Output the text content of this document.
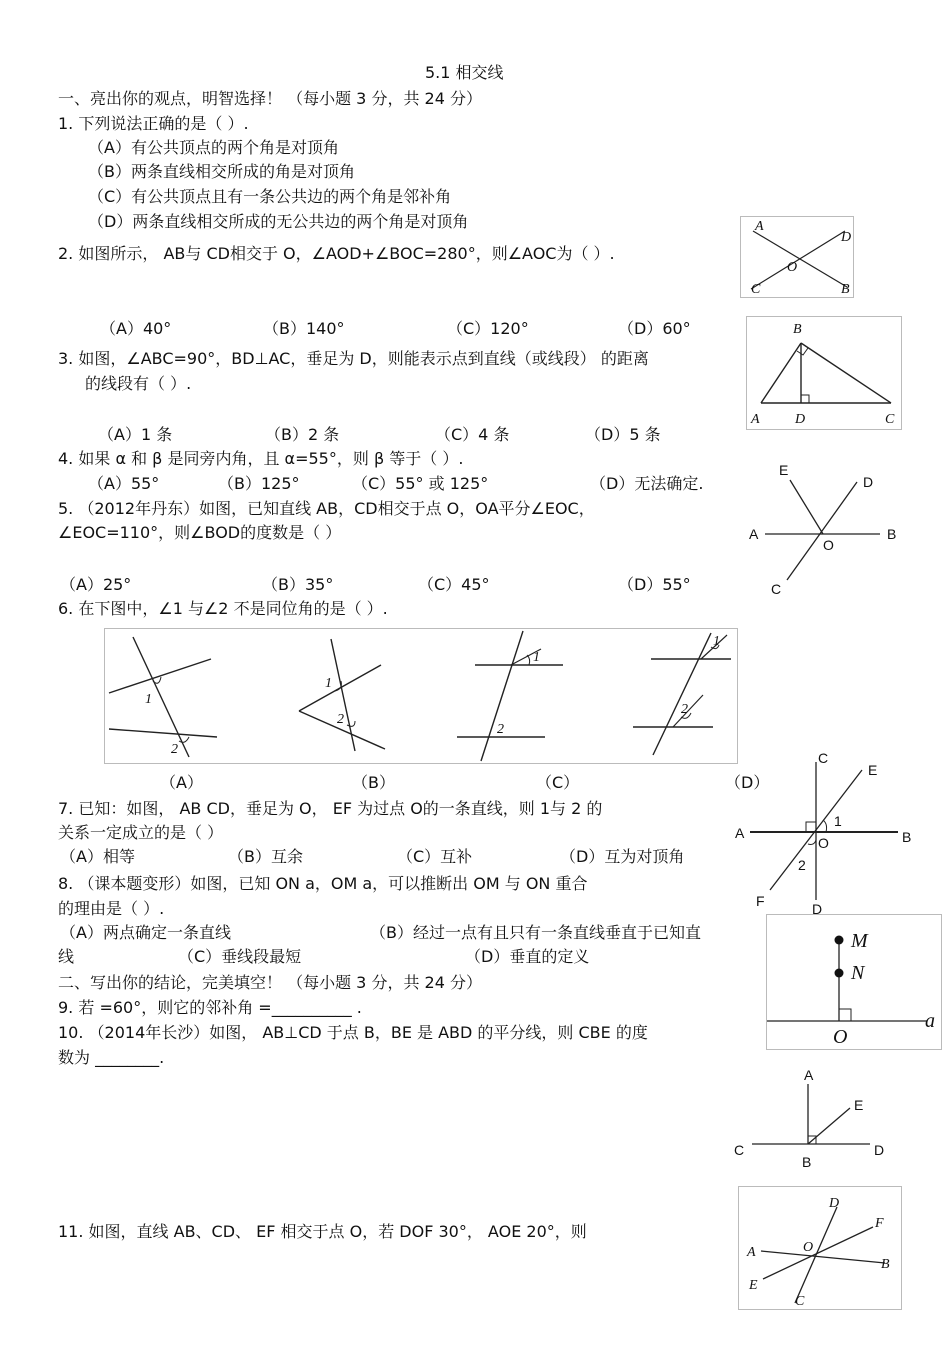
5.1 相交线
一、亮出你的观点，明智选择！ （每小题 3 分，共 24 分）
1. 下列说法正确的是（ ）.
（A）有公共顶点的两个角是对顶角
（B）两条直线相交所成的角是对顶角
（C）有公共顶点且有一条公共边的两个角是邻补角
（D）两条直线相交所成的无公共边的两个角是对顶角
2. 如图所示， AB与 CD相交于 O，∠AOD+∠BOC=280°，则∠AOC为（ ）.
（A）40°	（B）140°	（C）120°	（D）60°
A
D
O
C	B
3. 如图，∠ABC=90°，BD⊥AC，垂足为 D，则能表示点到直线（或线段） 的距离
的线段有（ ）.
（A）1 条	（B）2 条	（C）4 条	（D）5 条
B
A	D	C
4. 如果 α 和 β 是同旁内角，且 α=55°，则 β 等于（ ）.
（A）55°	（B）125°	（C）55° 或 125°	（D）无法确定.
5. （2012年丹东）如图，已知直线 AB，CD相交于点 O，OA平分∠EOC，
∠EOC=110°，则∠BOD的度数是（ ）
（A）25°	（B）35°	（C）45°	（D）55°
E
D
A
O
B
C
6. 在下图中，∠1 与∠2 不是同位角的是（ ）.
1
2
1
2
1
2
1
2
（A）	（B）	（C）	（D）
7. 已知：如图， AB CD，垂足为 O， EF 为过点 O的一条直线，则 1与 2 的
关系一定成立的是（ ）
（A）相等	（B）互余	（C）互补	（D）互为对顶角
C
E
1
A	B
O
2
F	D
8. （课本题变形）如图，已知 ON a，OM a，可以推断出 OM 与 ON 重合
的理由是（ ）.
（A）两点确定一条直线	（B）经过一点有且只有一条直线垂直于已知直
线	（C）垂线段最短	（D）垂直的定义
M
N
O
a
二、写出你的结论，完美填空！ （每小题 3 分，共 24 分）
9. 若 =60°，则它的邻补角 =__________ .
10. （2014年长沙）如图， AB⊥CD 于点 B，BE 是 ABD 的平分线，则 CBE 的度
数为 ________.
A
E
C
B
D
11. 如图，直线 AB、CD、 EF 相交于点 O，若 DOF 30°， AOE 20°，则
D
F
A	O
B
E
C
